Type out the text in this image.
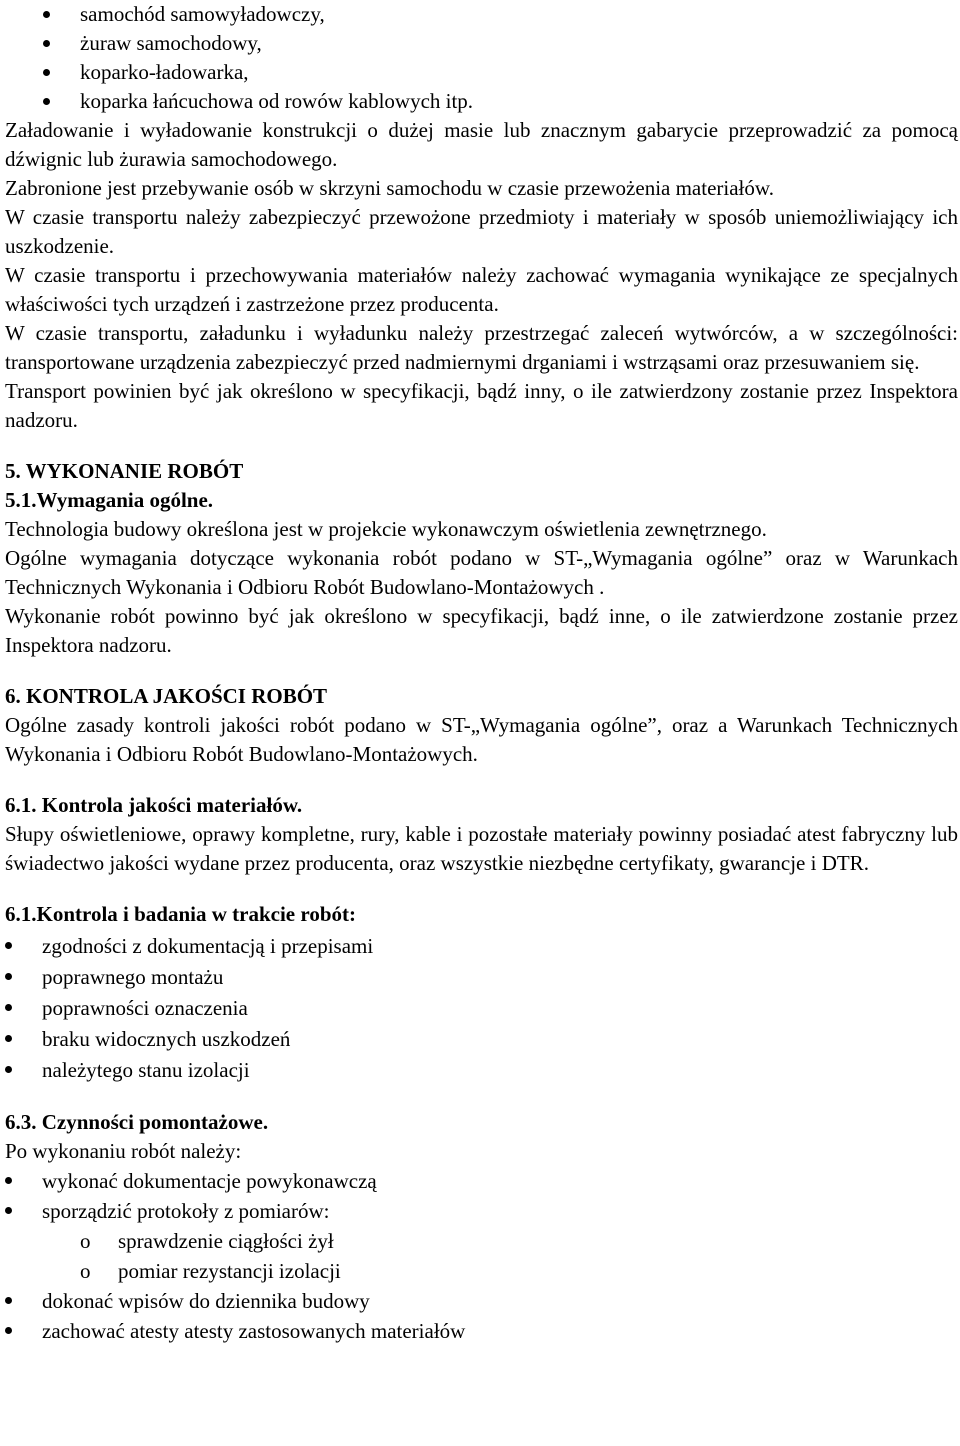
samochód samowyładowczy,
żuraw samochodowy,
koparko-ładowarka,
koparka łańcuchowa od rowów kablowych itp.

Załadowanie i wyładowanie konstrukcji o dużej masie lub znacznym gabarycie przeprowadzić za pomocą dźwignic lub żurawia samochodowego.

Zabronione jest przebywanie osób w skrzyni samochodu w czasie przewożenia materiałów.

W czasie transportu należy zabezpieczyć przewożone przedmioty i materiały w sposób uniemożliwiający ich uszkodzenie.

W czasie transportu i przechowywania materiałów należy zachować wymagania wynikające ze specjalnych właściwości tych urządzeń i zastrzeżone przez producenta.

W czasie transportu, załadunku i wyładunku należy przestrzegać zaleceń wytwórców, a w szczególności: transportowane urządzenia zabezpieczyć przed nadmiernymi drganiami i wstrząsami oraz przesuwaniem się.

Transport powinien być jak określono w specyfikacji, bądź inny, o ile zatwierdzony zostanie przez Inspektora nadzoru.

5. WYKONANIE ROBÓT
5.1.Wymagania ogólne.

Technologia budowy określona jest w projekcie wykonawczym oświetlenia zewnętrznego.

Ogólne wymagania dotyczące wykonania robót podano w ST-„Wymagania ogólne” oraz w Warunkach Technicznych Wykonania i Odbioru Robót Budowlano-Montażowych .

Wykonanie robót powinno być jak określono w specyfikacji, bądź inne, o ile zatwierdzone zostanie przez Inspektora nadzoru.

6. KONTROLA JAKOŚCI ROBÓT

Ogólne zasady kontroli jakości robót podano w ST-„Wymagania ogólne”, oraz a Warunkach Technicznych Wykonania i Odbioru Robót Budowlano-Montażowych.

6.1. Kontrola jakości materiałów.

Słupy oświetleniowe, oprawy kompletne, rury, kable i pozostałe materiały powinny posiadać atest fabryczny lub świadectwo jakości wydane przez producenta, oraz wszystkie niezbędne certyfikaty, gwarancje i DTR.

6.1.Kontrola i badania w trakcie robót:
zgodności z dokumentacją i przepisami
poprawnego montażu
poprawności oznaczenia
braku widocznych uszkodzeń
należytego stanu izolacji
6.3. Czynności pomontażowe.

Po wykonaniu robót należy:

wykonać dokumentacje powykonawczą
sporządzić protokoły z pomiarów:
o sprawdzenie ciągłości żył
o pomiar rezystancji izolacji
dokonać wpisów do dziennika budowy
zachować atesty atesty zastosowanych materiałów
